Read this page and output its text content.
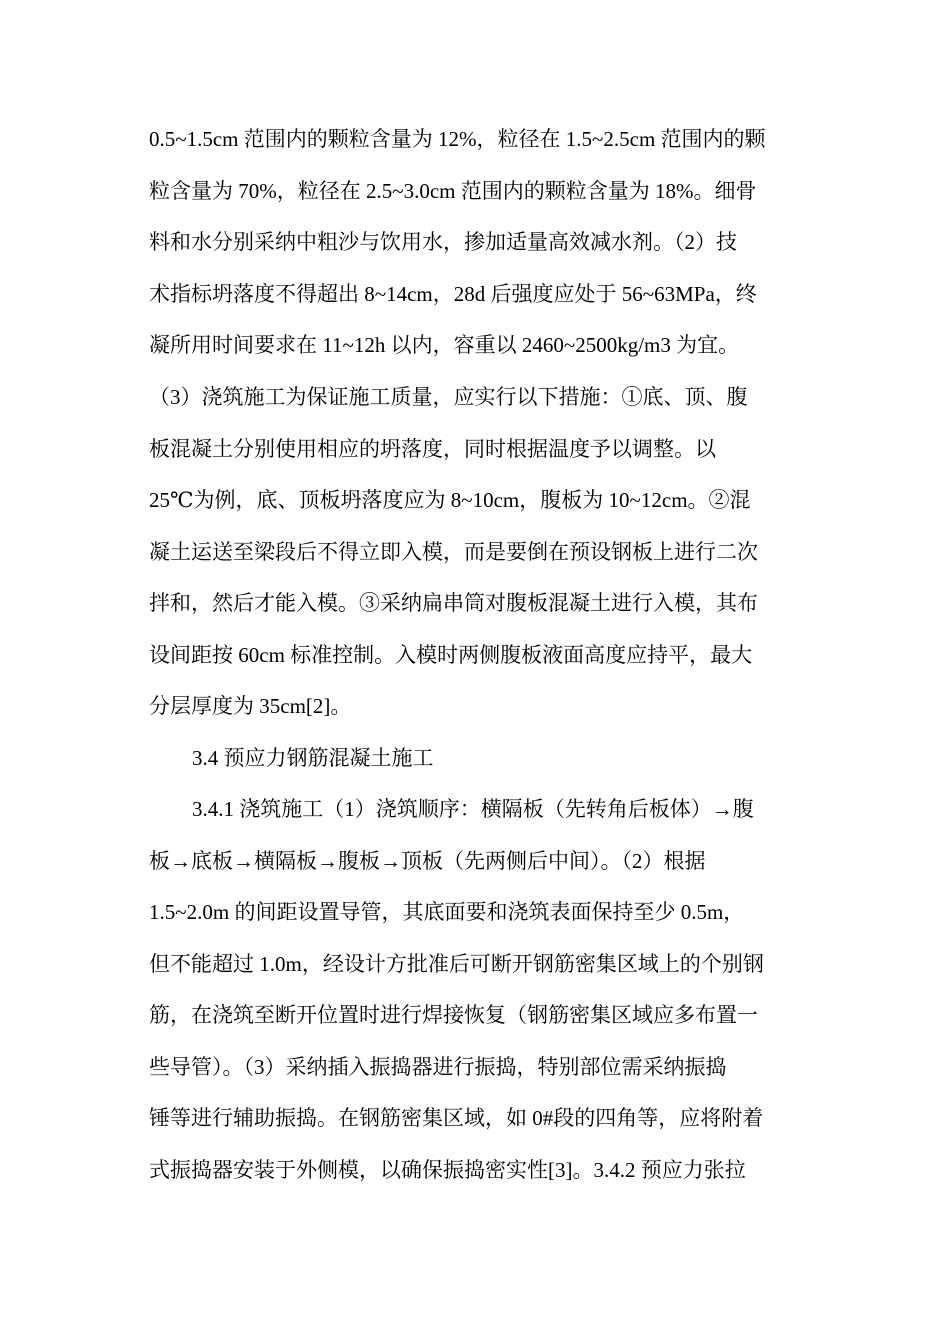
0.5~1.5cm 范围内的颗粒含量为 12%，粒径在 1.5~2.5cm 范围内的颗
粒含量为 70%，粒径在 2.5~3.0cm 范围内的颗粒含量为 18%。细骨
料和水分别采纳中粗沙与饮用水，掺加适量高效减水剂。（2）技
术指标坍落度不得超出 8~14cm，28d 后强度应处于 56~63MPa，终
凝所用时间要求在 11~12h 以内，容重以 2460~2500kg/m3 为宜。
（3）浇筑施工为保证施工质量，应实行以下措施：①底、顶、腹
板混凝土分别使用相应的坍落度，同时根据温度予以调整。以
25℃为例，底、顶板坍落度应为 8~10cm，腹板为 10~12cm。②混
凝土运送至梁段后不得立即入模，而是要倒在预设钢板上进行二次
拌和，然后才能入模。③采纳扁串筒对腹板混凝土进行入模，其布
设间距按 60cm 标准控制。入模时两侧腹板液面高度应持平，最大
分层厚度为 35cm[2]。
3.4 预应力钢筋混凝土施工
3.4.1 浇筑施工（1）浇筑顺序：横隔板（先转角后板体）→腹
板→底板→横隔板→腹板→顶板（先两侧后中间）。（2）根据
1.5~2.0m 的间距设置导管，其底面要和浇筑表面保持至少 0.5m，
但不能超过 1.0m，经设计方批准后可断开钢筋密集区域上的个别钢
筋，在浇筑至断开位置时进行焊接恢复（钢筋密集区域应多布置一
些导管）。（3）采纳插入振捣器进行振捣，特别部位需采纳振捣
锤等进行辅助振捣。在钢筋密集区域，如 0#段的四角等，应将附着
式振捣器安装于外侧模，以确保振捣密实性[3]。3.4.2 预应力张拉
